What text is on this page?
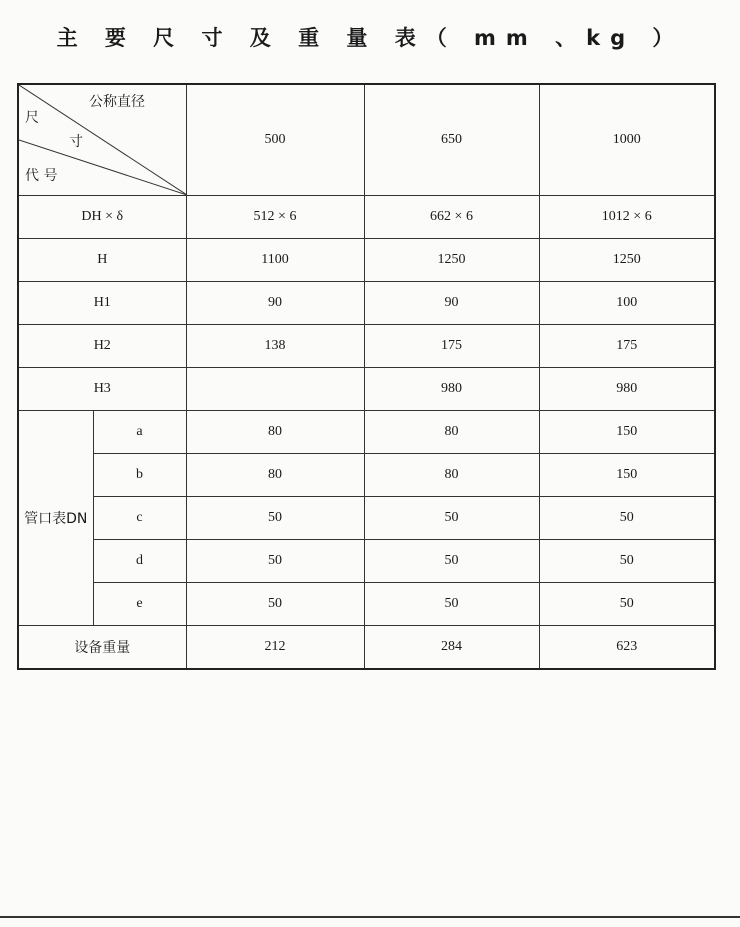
主 要 尺 寸 及 重 量 表（ mm 、kg ）
公称直径
尺
寸
代 号		500	650	1000
DH × δ		512 × 6	662 × 6	1012 × 6
H		1100	1250	1250
H1		90	90	100
H2		138	175	175
H3			980	980
管口表DN	a	80	80	150
	b	80	80	150
	c	50	50	50
	d	50	50	50
	e	50	50	50
设备重量		212	284	623
